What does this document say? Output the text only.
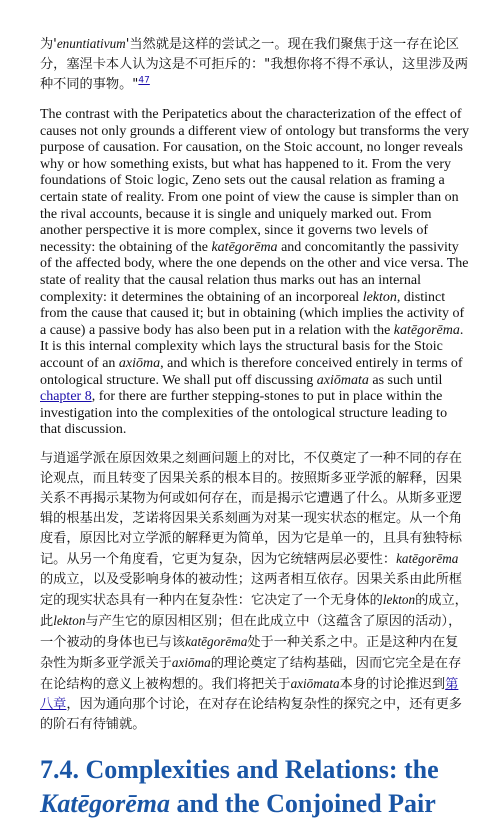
为'enuntiativum'当然就是这样的尝试之一。现在我们聚焦于这一存在论区分，塞涅卡本人认为这是不可拒斥的："我想你将不得不承认，这里涉及两种不同的事物。"$^{47}$

The contrast with the Peripatetics about the characterization of the effect of causes not only grounds a different view of ontology but transforms the very purpose of causation. For causation, on the Stoic account, no longer reveals why or how something exists, but what has happened to it. From the very foundations of Stoic logic, Zeno sets out the causal relation as framing a certain state of reality. From one point of view the cause is simpler than on the rival accounts, because it is single and uniquely marked out. From another perspective it is more complex, since it governs two levels of necessity: the obtaining of the katēgorēma and concomitantly the passivity of the affected body, where the one depends on the other and vice versa. The state of reality that the causal relation thus marks out has an internal complexity: it determines the obtaining of an incorporeal lekton, distinct from the cause that caused it; but in obtaining (which implies the activity of a cause) a passive body has also been put in a relation with the katēgorēma. It is this internal complexity which lays the structural basis for the Stoic account of an axiōma, and which is therefore conceived entirely in terms of ontological structure. We shall put off discussing axiōmata as such until chapter 8, for there are further stepping-stones to put in place within the investigation into the complexities of the ontological structure leading to that discussion.

与逍遥学派在原因效果之刻画问题上的对比，不仅奠定了一种不同的存在论观点，而且转变了因果关系的根本目的。按照斯多亚学派的解释，因果关系不再揭示某物为何或如何存在，而是揭示它遭遇了什么。从斯多亚逻辑的根基出发，芝诺将因果关系刻画为对某一现实状态的框定。从一个角度看，原因比对立学派的解释更为简单，因为它是单一的，且具有独特标记。从另一个角度看，它更为复杂，因为它统辖两层必要性：katēgorēma的成立，以及受影响身体的被动性；这两者相互依存。因果关系由此所框定的现实状态具有一种内在复杂性：它决定了一个无身体的lekton的成立，此lekton与产生它的原因相区别；但在此成立中（这蕴含了原因的活动），一个被动的身体也已与该katēgorēma处于一种关系之中。正是这种内在复杂性为斯多亚学派关于axiōma的理论奠定了结构基础，因而它完全是在存在论结构的意义上被构想的。我们将把关于axiōmata本身的讨论推迟到第八章，因为通向那个讨论，在对存在论结构复杂性的探究之中，还有更多的阶石有待铺就。

7.4. Complexities and Relations: the Katēgorēma and the Conjoined Pair
